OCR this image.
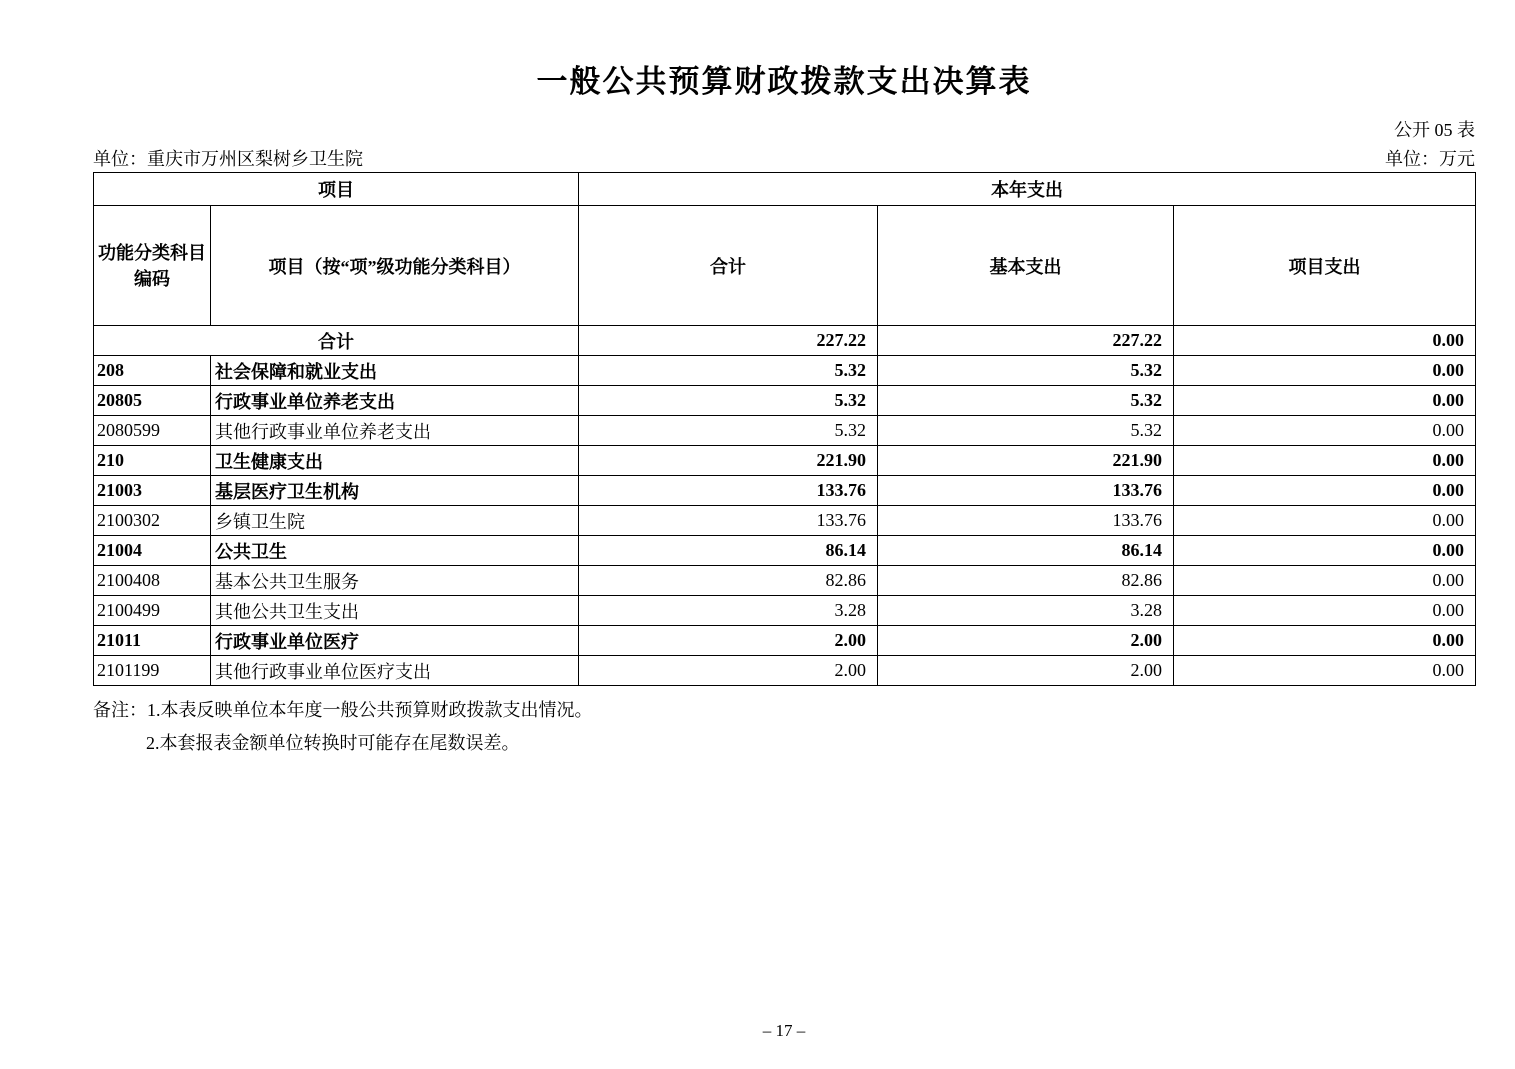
一般公共预算财政拨款支出决算表
公开 05 表
单位：重庆市万州区梨树乡卫生院	单位：万元
项目		本年支出		

功能分类科目
编码	项目（按“项”级功能分类科目）	合计	基本支出	项目支出
合计		227.22	227.22	0.00
208	社会保障和就业支出	5.32	5.32	0.00
20805	行政事业单位养老支出	5.32	5.32	0.00
2080599	其他行政事业单位养老支出	5.32	5.32	0.00
210	卫生健康支出	221.90	221.90	0.00
21003	基层医疗卫生机构	133.76	133.76	0.00
2100302	乡镇卫生院	133.76	133.76	0.00
21004	公共卫生	86.14	86.14	0.00
2100408	基本公共卫生服务	82.86	82.86	0.00
2100499	其他公共卫生支出	3.28	3.28	0.00
21011	行政事业单位医疗	2.00	2.00	0.00
2101199	其他行政事业单位医疗支出	2.00	2.00	0.00
备注：1.本表反映单位本年度一般公共预算财政拨款支出情况。
2.本套报表金额单位转换时可能存在尾数误差。
– 17 –
